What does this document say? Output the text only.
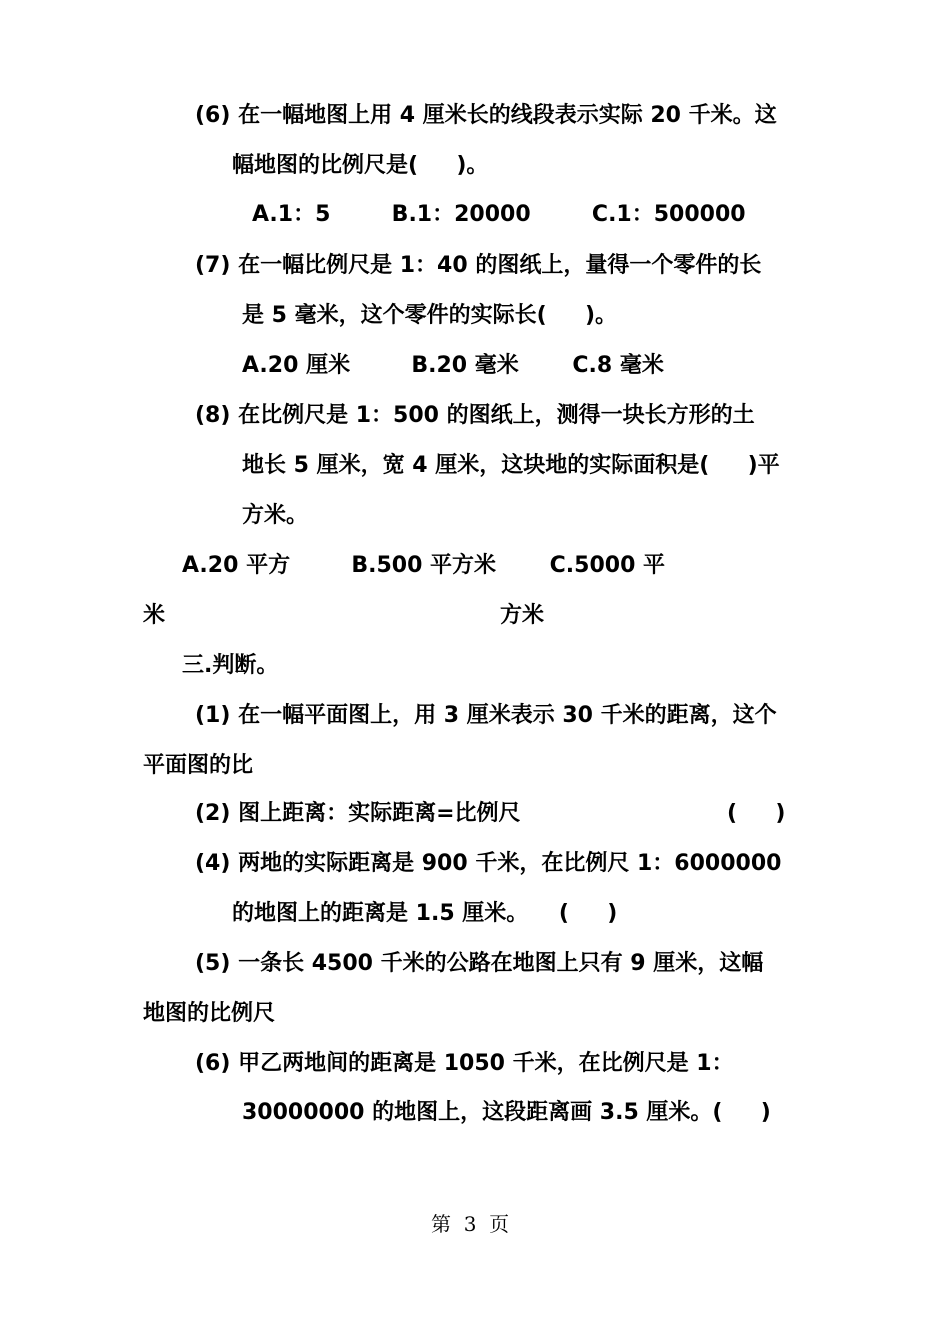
(6) 在一幅地图上用 4 厘米长的线段表示实际 20 千米。这
幅地图的比例尺是(     )。
A.1：5        B.1：20000        C.1：500000
(7) 在一幅比例尺是 1：40 的图纸上，量得一个零件的长
是 5 毫米，这个零件的实际长(     )。
A.20 厘米        B.20 毫米       C.8 毫米
(8) 在比例尺是 1：500 的图纸上，测得一块长方形的土
地长 5 厘米，宽 4 厘米，这块地的实际面积是(     )平
方米。
A.20 平方        B.500 平方米       C.5000 平
米	方米
三.判断。
(1) 在一幅平面图上，用 3 厘米表示 30 千米的距离，这个
平面图的比
(2) 图上距离：实际距离=比例尺	(     )
(4) 两地的实际距离是 900 千米，在比例尺 1：6000000
的地图上的距离是 1.5 厘米。    (     )
(5) 一条长 4500 千米的公路在地图上只有 9 厘米，这幅
地图的比例尺
(6) 甲乙两地间的距离是 1050 千米，在比例尺是 1：
30000000 的地图上，这段距离画 3.5 厘米。(     )
第  3  页
